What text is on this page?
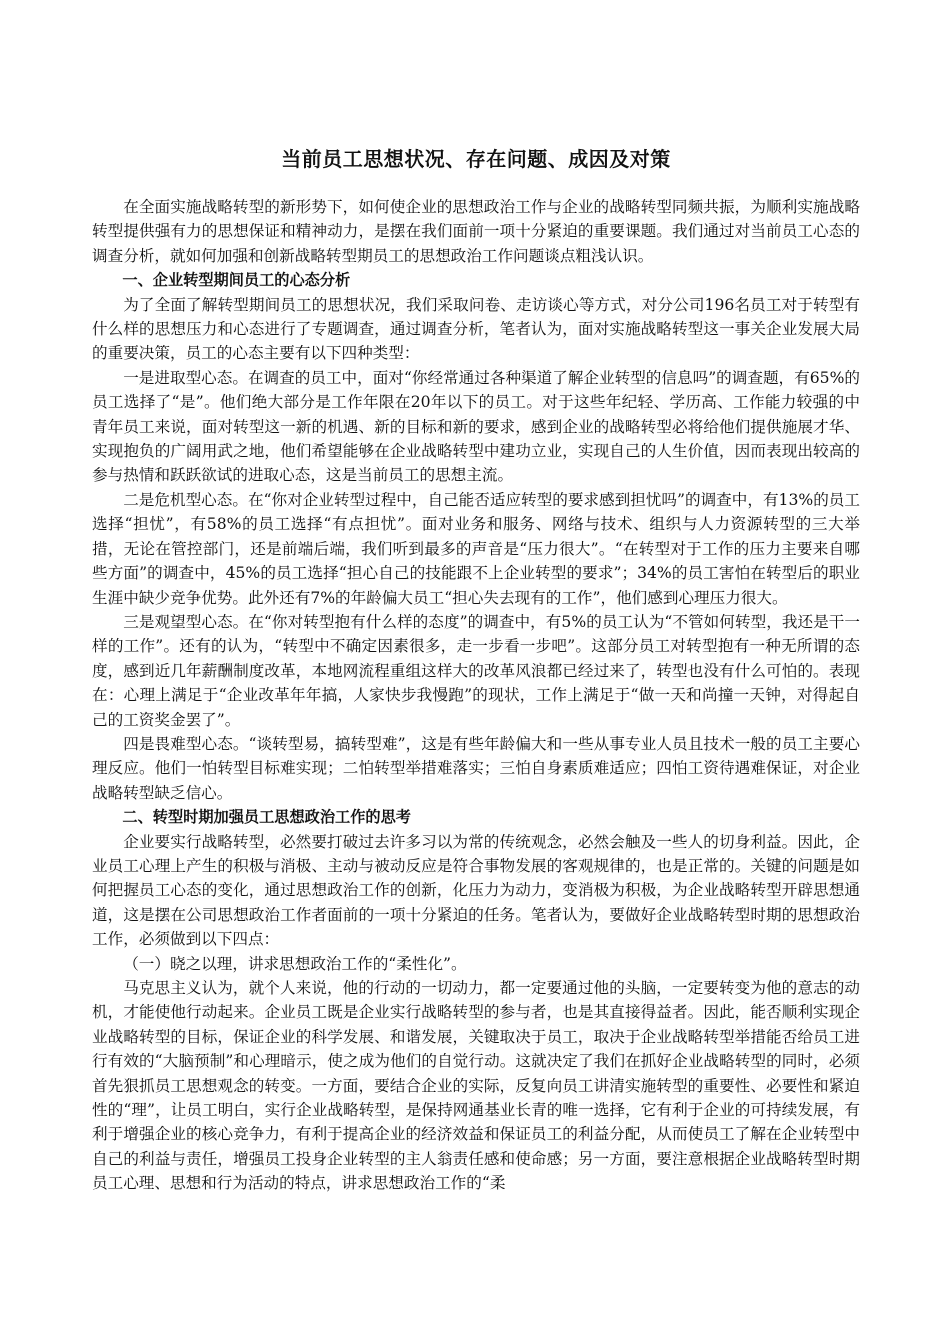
当前员工思想状况、存在问题、成因及对策

在全面实施战略转型的新形势下，如何使企业的思想政治工作与企业的战略转型同频共振，为顺利实施战略转型提供强有力的思想保证和精神动力，是摆在我们面前一项十分紧迫的重要课题。我们通过对当前员工心态的调查分析，就如何加强和创新战略转型期员工的思想政治工作问题谈点粗浅认识。

一、企业转型期间员工的心态分析

为了全面了解转型期间员工的思想状况，我们采取问卷、走访谈心等方式，对分公司196名员工对于转型有什么样的思想压力和心态进行了专题调查，通过调查分析，笔者认为，面对实施战略转型这一事关企业发展大局的重要决策，员工的心态主要有以下四种类型：

一是进取型心态。在调查的员工中，面对“你经常通过各种渠道了解企业转型的信息吗”的调查题，有65%的员工选择了“是”。他们绝大部分是工作年限在20年以下的员工。对于这些年纪轻、学历高、工作能力较强的中青年员工来说，面对转型这一新的机遇、新的目标和新的要求，感到企业的战略转型必将给他们提供施展才华、实现抱负的广阔用武之地，他们希望能够在企业战略转型中建功立业，实现自己的人生价值，因而表现出较高的参与热情和跃跃欲试的进取心态，这是当前员工的思想主流。

二是危机型心态。在“你对企业转型过程中，自己能否适应转型的要求感到担忧吗”的调查中，有13%的员工选择“担忧”，有58%的员工选择“有点担忧”。面对业务和服务、网络与技术、组织与人力资源转型的三大举措，无论在管控部门，还是前端后端，我们听到最多的声音是“压力很大”。“在转型对于工作的压力主要来自哪些方面”的调查中，45%的员工选择“担心自己的技能跟不上企业转型的要求”；34%的员工害怕在转型后的职业生涯中缺少竞争优势。此外还有7%的年龄偏大员工“担心失去现有的工作”，他们感到心理压力很大。

三是观望型心态。在“你对转型抱有什么样的态度”的调查中，有5%的员工认为“不管如何转型，我还是干一样的工作”。还有的认为，“转型中不确定因素很多，走一步看一步吧”。这部分员工对转型抱有一种无所谓的态度，感到近几年薪酬制度改革，本地网流程重组这样大的改革风浪都已经过来了，转型也没有什么可怕的。表现在：心理上满足于“企业改革年年搞，人家快步我慢跑”的现状，工作上满足于“做一天和尚撞一天钟，对得起自己的工资奖金罢了”。

四是畏难型心态。“谈转型易，搞转型难”，这是有些年龄偏大和一些从事专业人员且技术一般的员工主要心理反应。他们一怕转型目标难实现；二怕转型举措难落实；三怕自身素质难适应；四怕工资待遇难保证，对企业战略转型缺乏信心。

二、转型时期加强员工思想政治工作的思考

企业要实行战略转型，必然要打破过去许多习以为常的传统观念，必然会触及一些人的切身利益。因此，企业员工心理上产生的积极与消极、主动与被动反应是符合事物发展的客观规律的，也是正常的。关键的问题是如何把握员工心态的变化，通过思想政治工作的创新，化压力为动力，变消极为积极，为企业战略转型开辟思想通道，这是摆在公司思想政治工作者面前的一项十分紧迫的任务。笔者认为，要做好企业战略转型时期的思想政治工作，必须做到以下四点：

（一）晓之以理，讲求思想政治工作的“柔性化”。

马克思主义认为，就个人来说，他的行动的一切动力，都一定要通过他的头脑，一定要转变为他的意志的动机，才能使他行动起来。企业员工既是企业实行战略转型的参与者，也是其直接得益者。因此，能否顺利实现企业战略转型的目标，保证企业的科学发展、和谐发展，关键取决于员工，取决于企业战略转型举措能否给员工进行有效的“大脑预制”和心理暗示，使之成为他们的自觉行动。这就决定了我们在抓好企业战略转型的同时，必须首先狠抓员工思想观念的转变。一方面，要结合企业的实际，反复向员工讲清实施转型的重要性、必要性和紧迫性的“理”，让员工明白，实行企业战略转型，是保持网通基业长青的唯一选择，它有利于企业的可持续发展，有利于增强企业的核心竞争力，有利于提高企业的经济效益和保证员工的利益分配，从而使员工了解在企业转型中自己的利益与责任，增强员工投身企业转型的主人翁责任感和使命感；另一方面，要注意根据企业战略转型时期员工心理、思想和行为活动的特点，讲求思想政治工作的“柔
